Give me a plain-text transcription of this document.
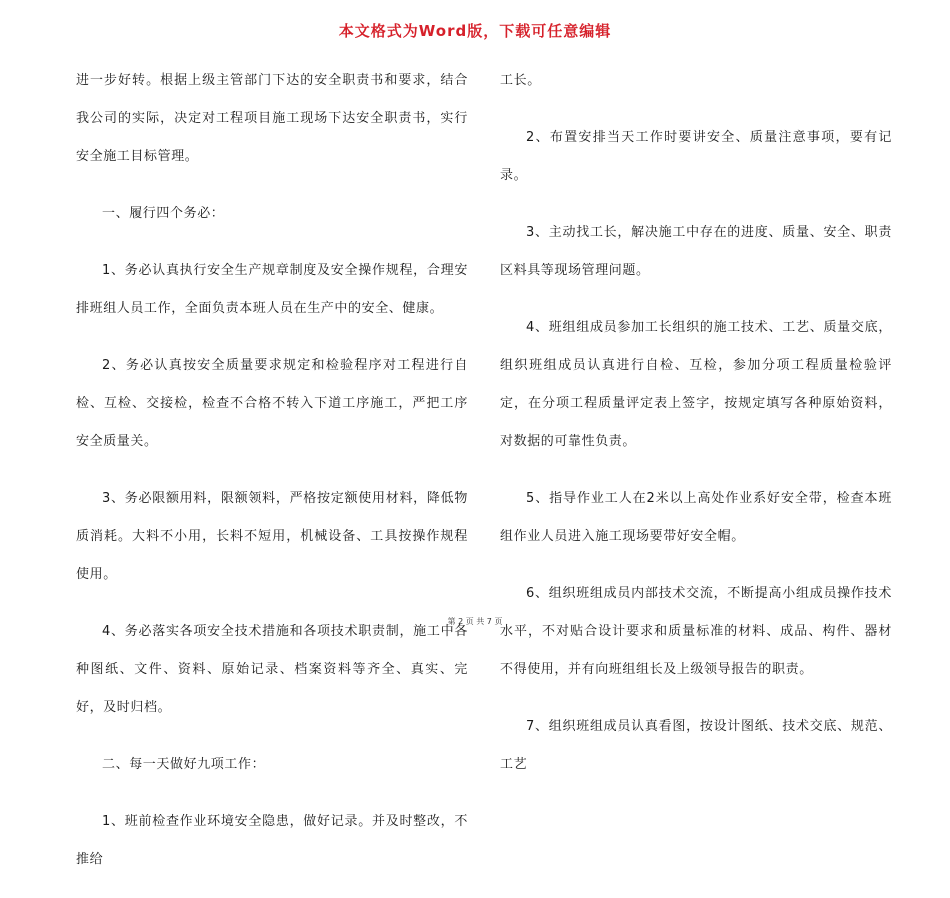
本文格式为Word版，下载可任意编辑

进一步好转。根据上级主管部门下达的安全职责书和要求，结合我公司的实际，决定对工程项目施工现场下达安全职责书，实行安全施工目标管理。

一、履行四个务必：

1、务必认真执行安全生产规章制度及安全操作规程，合理安排班组人员工作，全面负责本班人员在生产中的安全、健康。

2、务必认真按安全质量要求规定和检验程序对工程进行自检、互检、交接检，检查不合格不转入下道工序施工，严把工序安全质量关。

3、务必限额用料，限额领料，严格按定额使用材料，降低物质消耗。大料不小用，长料不短用，机械设备、工具按操作规程使用。

4、务必落实各项安全技术措施和各项技术职责制，施工中各种图纸、文件、资料、原始记录、档案资料等齐全、真实、完好，及时归档。

二、每一天做好九项工作：

1、班前检查作业环境安全隐患，做好记录。并及时整改，不推给

工长。

2、布置安排当天工作时要讲安全、质量注意事项，要有记录。

3、主动找工长，解决施工中存在的进度、质量、安全、职责区料具等现场管理问题。

4、班组组成员参加工长组织的施工技术、工艺、质量交底，组织班组成员认真进行自检、互检，参加分项工程质量检验评定，在分项工程质量评定表上签字，按规定填写各种原始资料，对数据的可靠性负责。

5、指导作业工人在2米以上高处作业系好安全带，检查本班组作业人员进入施工现场要带好安全帽。

6、组织班组成员内部技术交流，不断提高小组成员操作技术水平，不对贴合设计要求和质量标准的材料、成品、构件、器材不得使用，并有向班组组长及上级领导报告的职责。

7、组织班组成员认真看图，按设计图纸、技术交底、规范、工艺

第 2 页 共 7 页
